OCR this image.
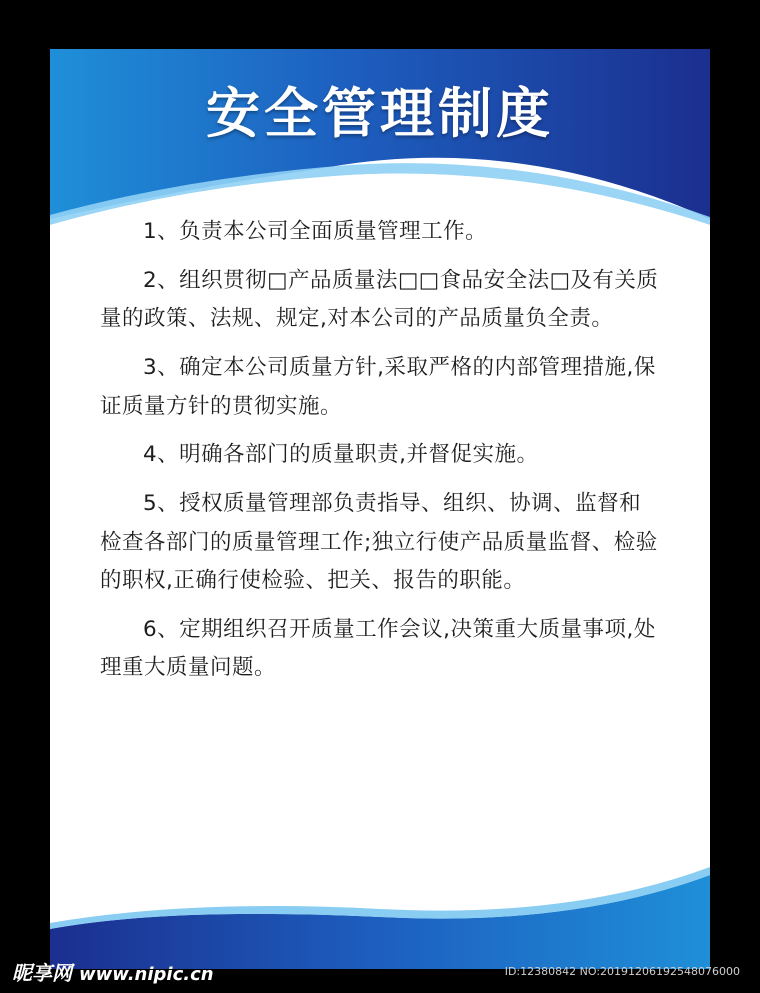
安全管理制度

1、负责本公司全面质量管理工作。

2、组织贯彻□产品质量法□□食品安全法□及有关质量的政策、法规、规定,对本公司的产品质量负全责。

3、确定本公司质量方针,采取严格的内部管理措施,保证质量方针的贯彻实施。

4、明确各部门的质量职责,并督促实施。

5、授权质量管理部负责指导、组织、协调、监督和检查各部门的质量管理工作;独立行使产品质量监督、检验的职权,正确行使检验、把关、报告的职能。

6、定期组织召开质量工作会议,决策重大质量事项,处理重大质量问题。

昵享网 www.nipic.cn	ID:12380842 NO:20191206192548076000
